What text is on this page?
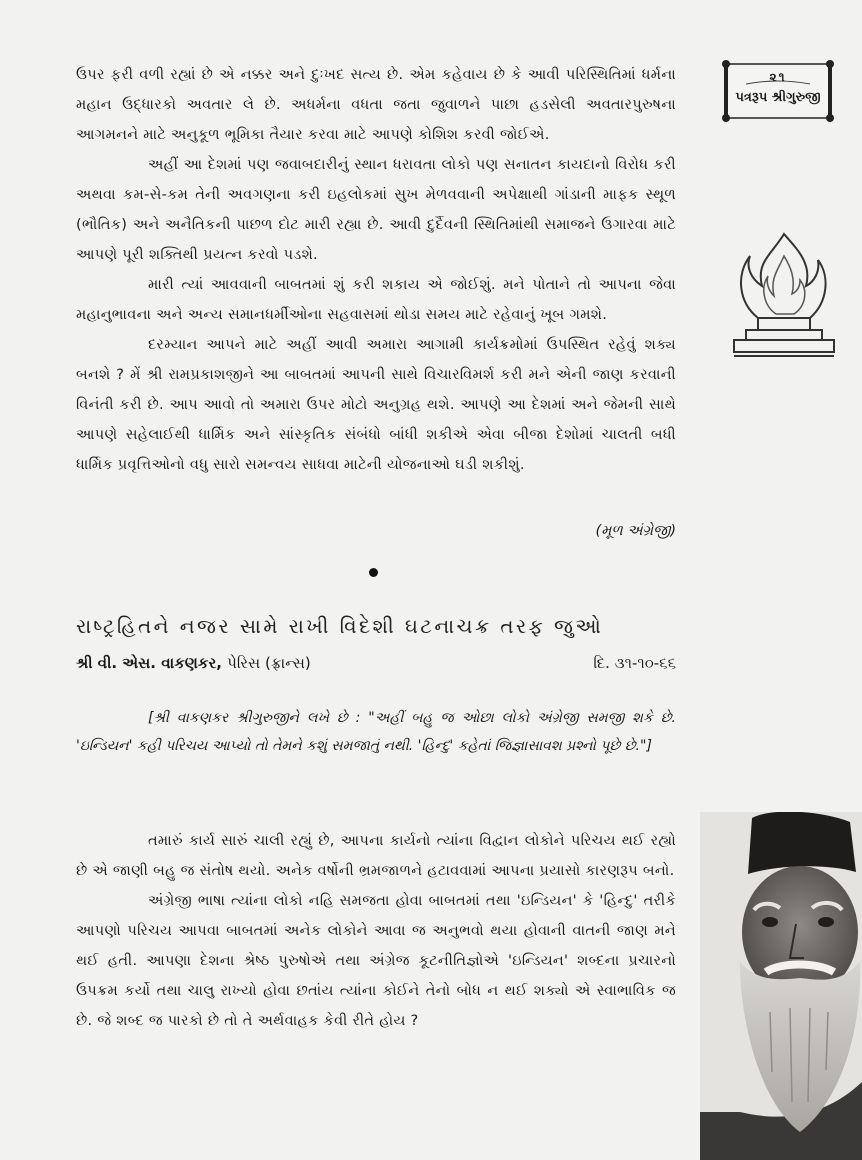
૨૧
પત્રરૂપ શ્રીગુરુજી

ઉપર ફરી વળી રહ્યાં છે એ નક્કર અને દુઃખદ સત્ય છે. એમ કહેવાય છે કે આવી પરિસ્થિતિમાં ધર્મના મહાન ઉદ્ધારકો અવતાર લે છે. અધર્મના વધતા જતા જુવાળને પાછા હડસેલી અવતારપુરુષના આગમનને માટે અનુકૂળ ભૂમિકા તૈયાર કરવા માટે આપણે કોશિશ કરવી જોઈએ.

અહીં આ દેશમાં પણ જવાબદારીનું સ્થાન ધરાવતા લોકો પણ સનાતન કાયદાનો વિરોધ કરી અથવા કમ-સે-કમ તેની અવગણના કરી ઇહલોકમાં સુખ મેળવવાની અપેક્ષાથી ગાંડાની માફક સ્થૂળ (ભૌતિક) અને અનૈતિકની પાછળ દોટ મારી રહ્યા છે. આવી દુર્દૈવની સ્થિતિમાંથી સમાજને ઉગારવા માટે આપણે પૂરી શક્તિથી પ્રયત્ન કરવો પડશે.

મારી ત્યાં આવવાની બાબતમાં શું કરી શકાય એ જોઈશું. મને પોતાને તો આપના જેવા મહાનુભાવના અને અન્ય સમાનધર્મીઓના સહવાસમાં થોડા સમય માટે રહેવાનું ખૂબ ગમશે.

દરમ્યાન આપને માટે અહીં આવી અમારા આગામી કાર્યક્રમોમાં ઉપસ્થિત રહેવું શક્ય બનશે ? મેં શ્રી રામપ્રકાશજીને આ બાબતમાં આપની સાથે વિચારવિમર્શ કરી મને એની જાણ કરવાની વિનંતી કરી છે. આપ આવો તો અમારા ઉપર મોટો અનુગ્રહ થશે. આપણે આ દેશમાં અને જેમની સાથે આપણે સહેલાઈથી ધાર્મિક અને સાંસ્કૃતિક સંબંધો બાંધી શકીએ એવા બીજા દેશોમાં ચાલતી બધી ધાર્મિક પ્રવૃત્તિઓનો વધુ સારો સમન્વય સાધવા માટેની યોજનાઓ ઘડી શકીશું.

(મૂળ અંગ્રેજી)
રાષ્ટ્રહિતને નજર સામે રાખી વિદેશી ઘટનાચક્ર તરફ જુઓ
શ્રી વી. એસ. વાકણકર, પેરિસ (ફ્રાન્સ)	દિ. ૩૧-૧૦-૬૬

[શ્રી વાકણકર શ્રીગુરુજીને લખે છે : "અહીં બહુ જ ઓછા લોકો અંગ્રેજી સમજી શકે છે. 'ઇન્ડિયન' કહી પરિચય આપ્યો તો તેમને કશું સમજાતું નથી. 'હિન્દુ' કહેતાં જિજ્ઞાસાવશ પ્રશ્નો પૂછે છે."]

તમારું કાર્ય સારું ચાલી રહ્યું છે, આપના કાર્યનો ત્યાંના વિદ્વાન લોકોને પરિચય થઈ રહ્યો છે એ જાણી બહુ જ સંતોષ થયો. અનેક વર્ષોની ભ્રમજાળને હટાવવામાં આપના પ્રયાસો કારણરૂપ બનો.

અંગ્રેજી ભાષા ત્યાંના લોકો નહિ સમજતા હોવા બાબતમાં તથા 'ઇન્ડિયન' કે 'હિન્દુ' તરીકે આપણો પરિચય આપવા બાબતમાં અનેક લોકોને આવા જ અનુભવો થયા હોવાની વાતની જાણ મને થઈ હતી. આપણા દેશના શ્રેષ્ઠ પુરુષોએ તથા અંગ્રેજ કૂટનીતિજ્ઞોએ 'ઇન્ડિયન' શબ્દના પ્રચારનો ઉપક્રમ કર્યો તથા ચાલુ રાખ્યો હોવા છતાંય ત્યાંના કોઈને તેનો બોધ ન થઈ શક્યો એ સ્વાભાવિક જ છે. જે શબ્દ જ પારકો છે તો તે અર્થવાહક કેવી રીતે હોય ?
